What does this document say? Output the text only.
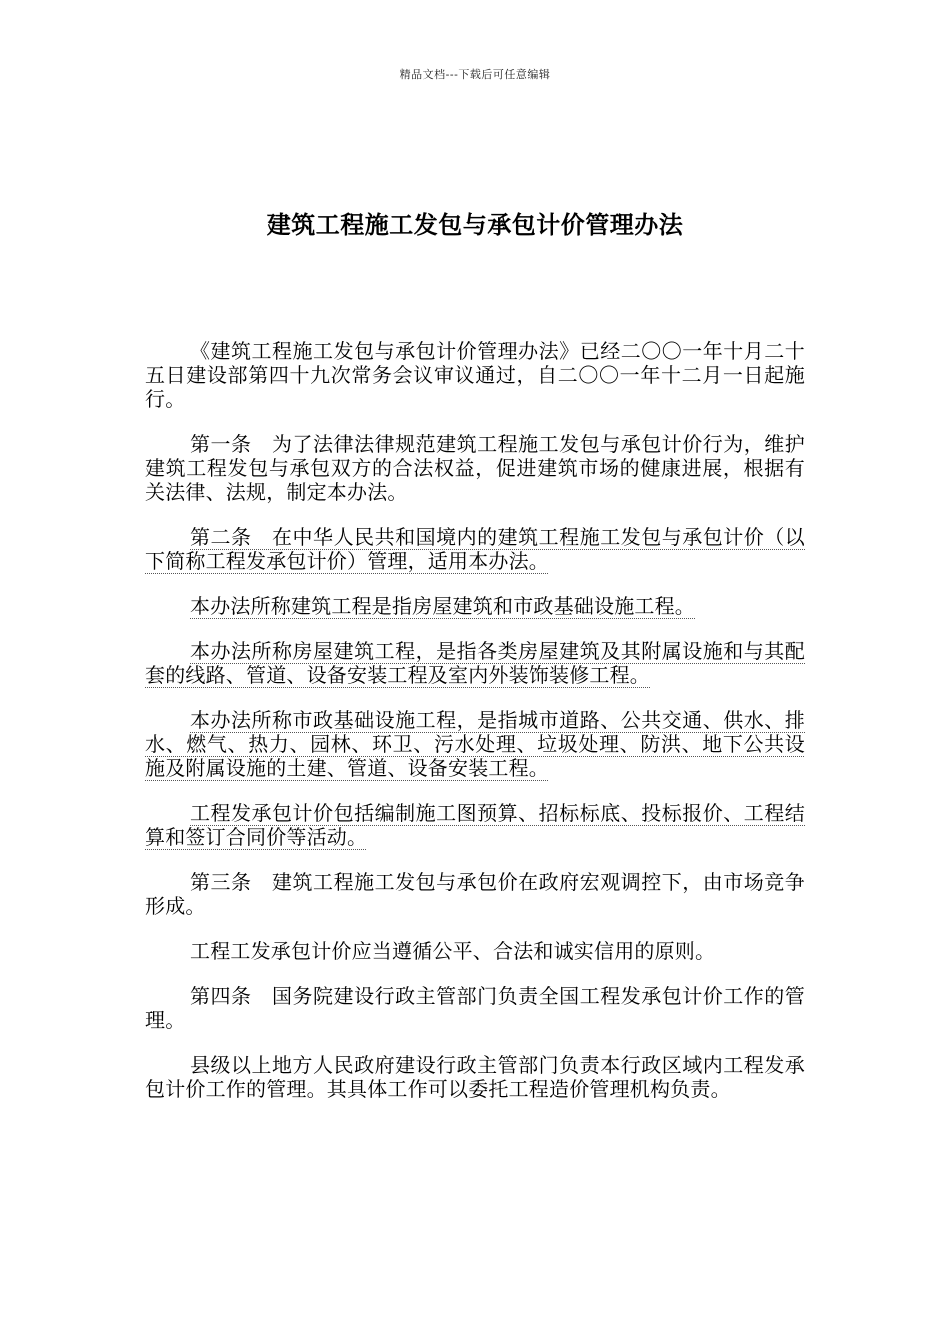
精品文档---下载后可任意编辑
建筑工程施工发包与承包计价管理办法

《建筑工程施工发包与承包计价管理办法》已经二〇〇一年十月二十五日建设部第四十九次常务会议审议通过，自二〇〇一年十二月一日起施行。

第一条　为了法律法律规范建筑工程施工发包与承包计价行为，维护建筑工程发包与承包双方的合法权益，促进建筑市场的健康进展，根据有关法律、法规，制定本办法。

第二条　在中华人民共和国境内的建筑工程施工发包与承包计价（以下简称工程发承包计价）管理，适用本办法。

本办法所称建筑工程是指房屋建筑和市政基础设施工程。

本办法所称房屋建筑工程，是指各类房屋建筑及其附属设施和与其配套的线路、管道、设备安装工程及室内外装饰装修工程。

本办法所称市政基础设施工程，是指城市道路、公共交通、供水、排水、燃气、热力、园林、环卫、污水处理、垃圾处理、防洪、地下公共设施及附属设施的土建、管道、设备安装工程。

工程发承包计价包括编制施工图预算、招标标底、投标报价、工程结算和签订合同价等活动。

第三条　建筑工程施工发包与承包价在政府宏观调控下，由市场竞争形成。

工程工发承包计价应当遵循公平、合法和诚实信用的原则。

第四条　国务院建设行政主管部门负责全国工程发承包计价工作的管理。

县级以上地方人民政府建设行政主管部门负责本行政区域内工程发承包计价工作的管理。其具体工作可以委托工程造价管理机构负责。
